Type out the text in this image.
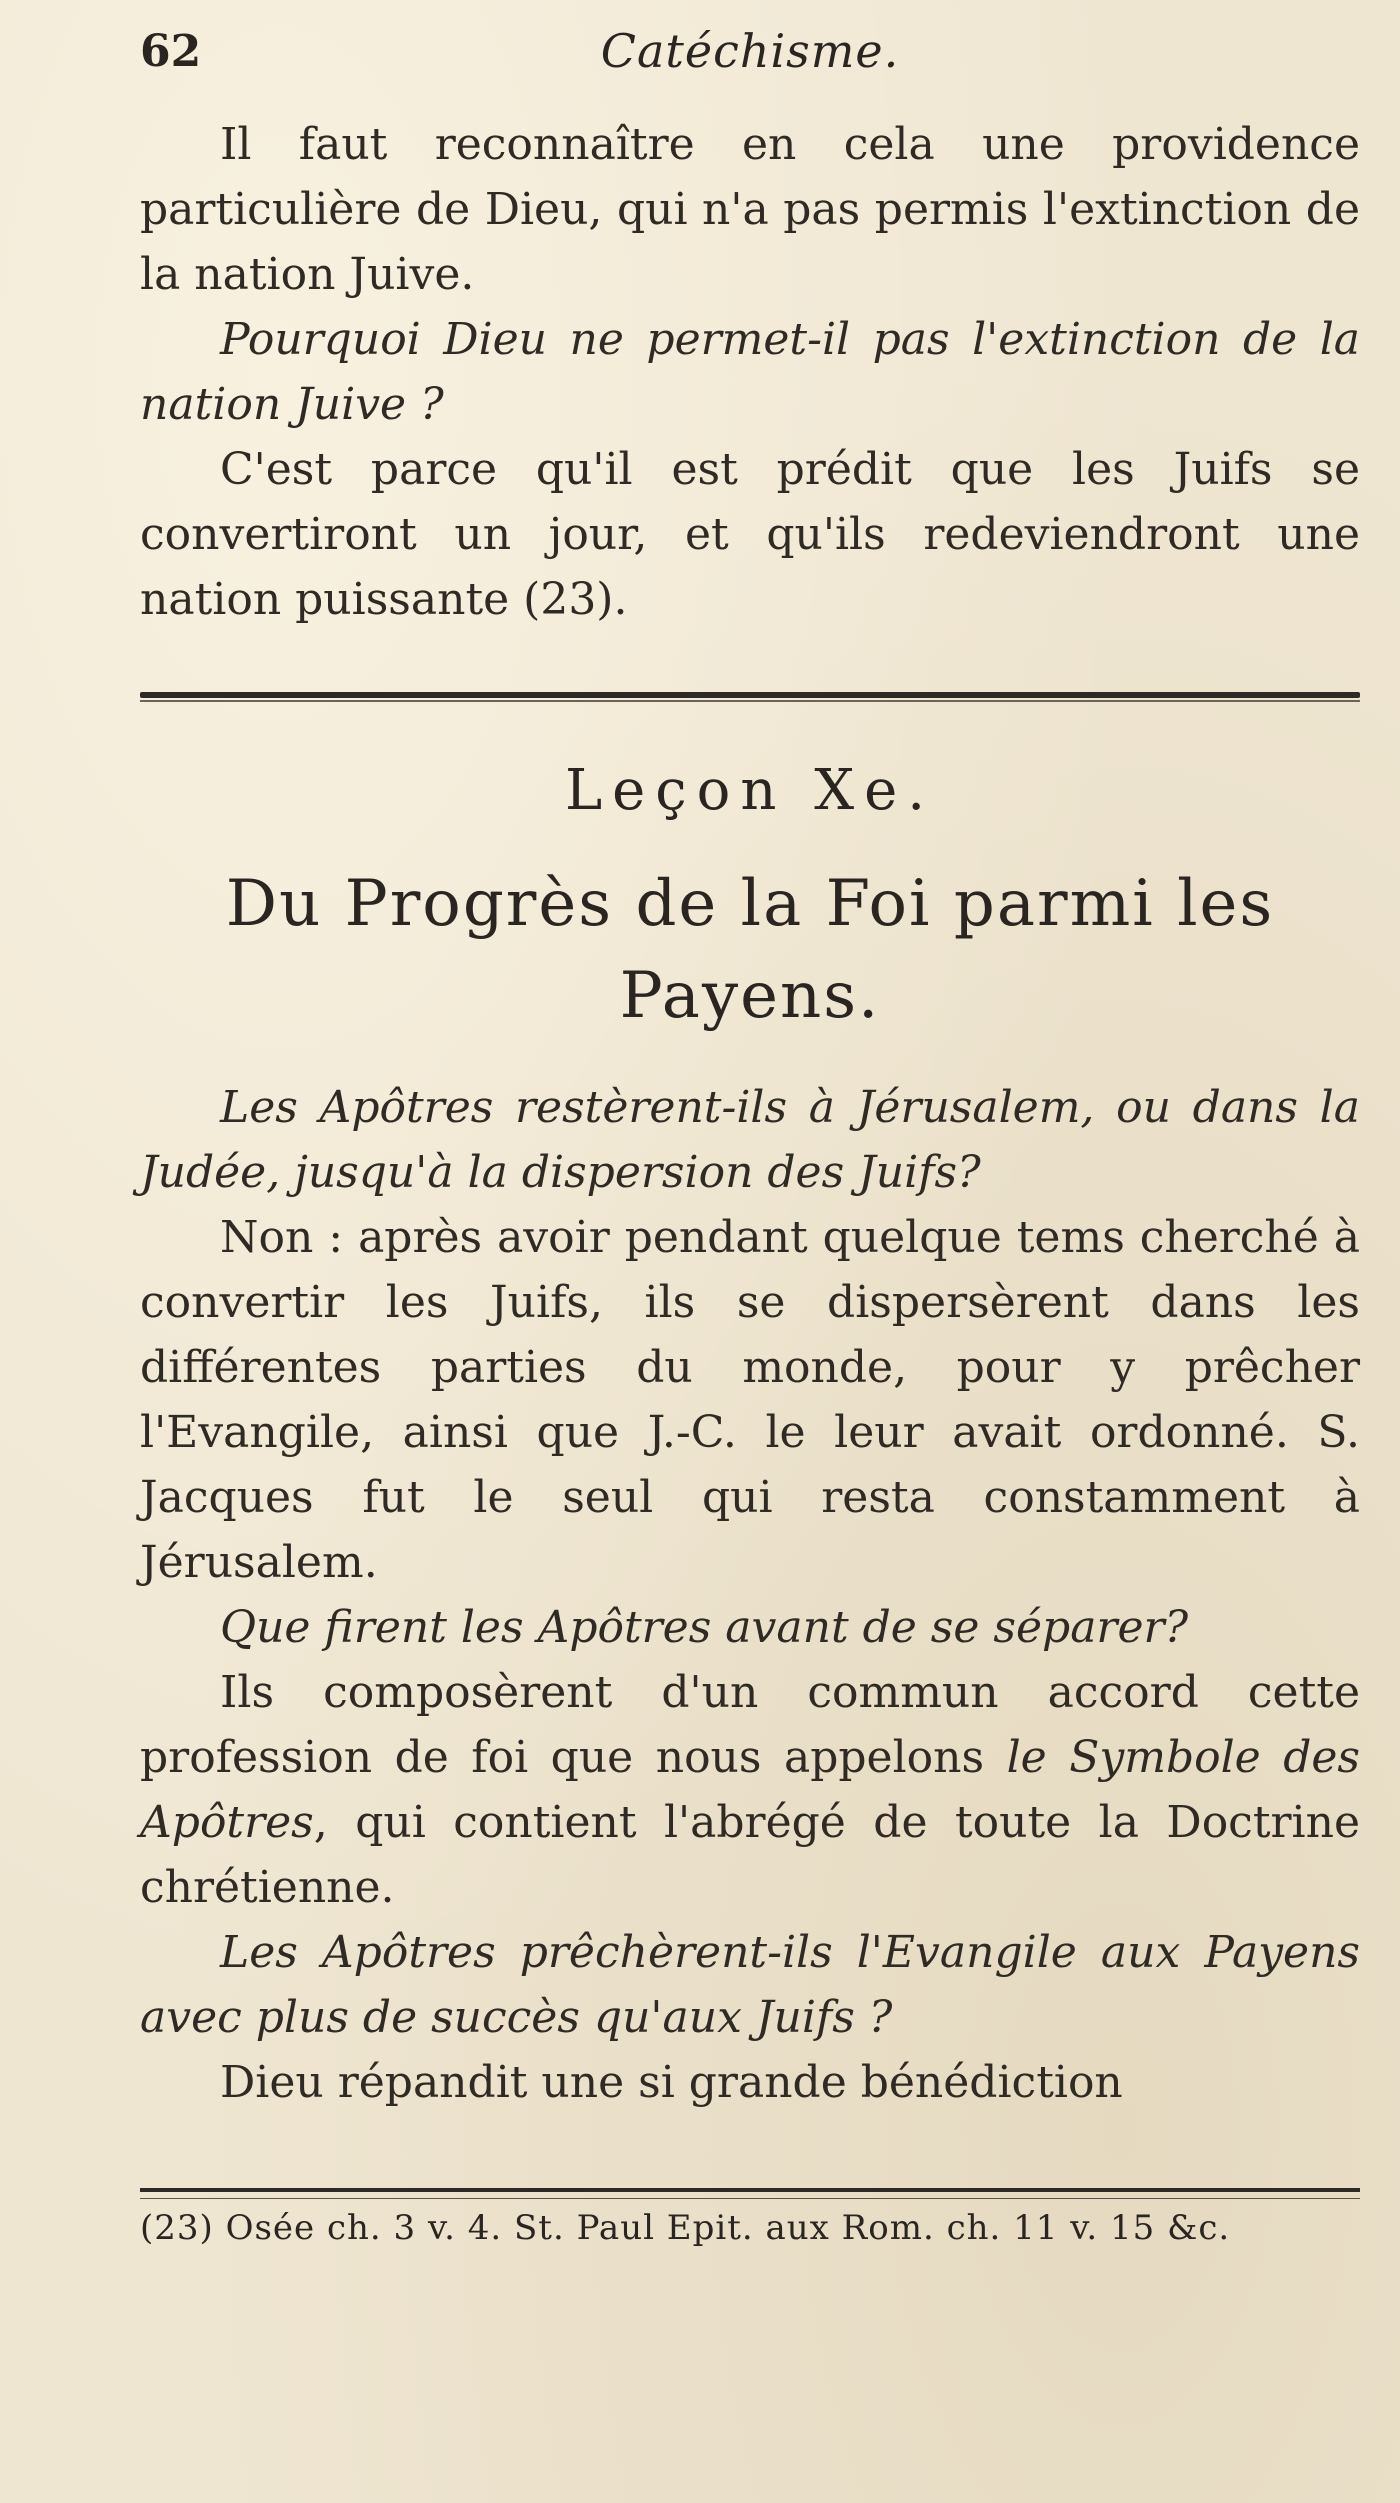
62	Catéchisme.

Il faut reconnaître en cela une providence particulière de Dieu, qui n'a pas permis l'extinction de la nation Juive.

Pourquoi Dieu ne permet-il pas l'extinction de la nation Juive ?

C'est parce qu'il est prédit que les Juifs se convertiront un jour, et qu'ils redeviendront une nation puissante (23).

Leçon Xe.
Du Progrès de la Foi parmi les Payens.

Les Apôtres restèrent-ils à Jérusalem, ou dans la Judée, jusqu'à la dispersion des Juifs?

Non : après avoir pendant quelque tems cherché à convertir les Juifs, ils se dispersèrent dans les différentes parties du monde, pour y prêcher l'Evangile, ainsi que J.-C. le leur avait ordonné. S. Jacques fut le seul qui resta constamment à Jérusalem.

Que firent les Apôtres avant de se séparer?

Ils composèrent d'un commun accord cette profession de foi que nous appelons le Symbole des Apôtres, qui contient l'abrégé de toute la Doctrine chrétienne.

Les Apôtres prêchèrent-ils l'Evangile aux Payens avec plus de succès qu'aux Juifs ?

Dieu répandit une si grande bénédiction

(23) Osée ch. 3 v. 4. St. Paul Epit. aux Rom. ch. 11 v. 15 &c.
